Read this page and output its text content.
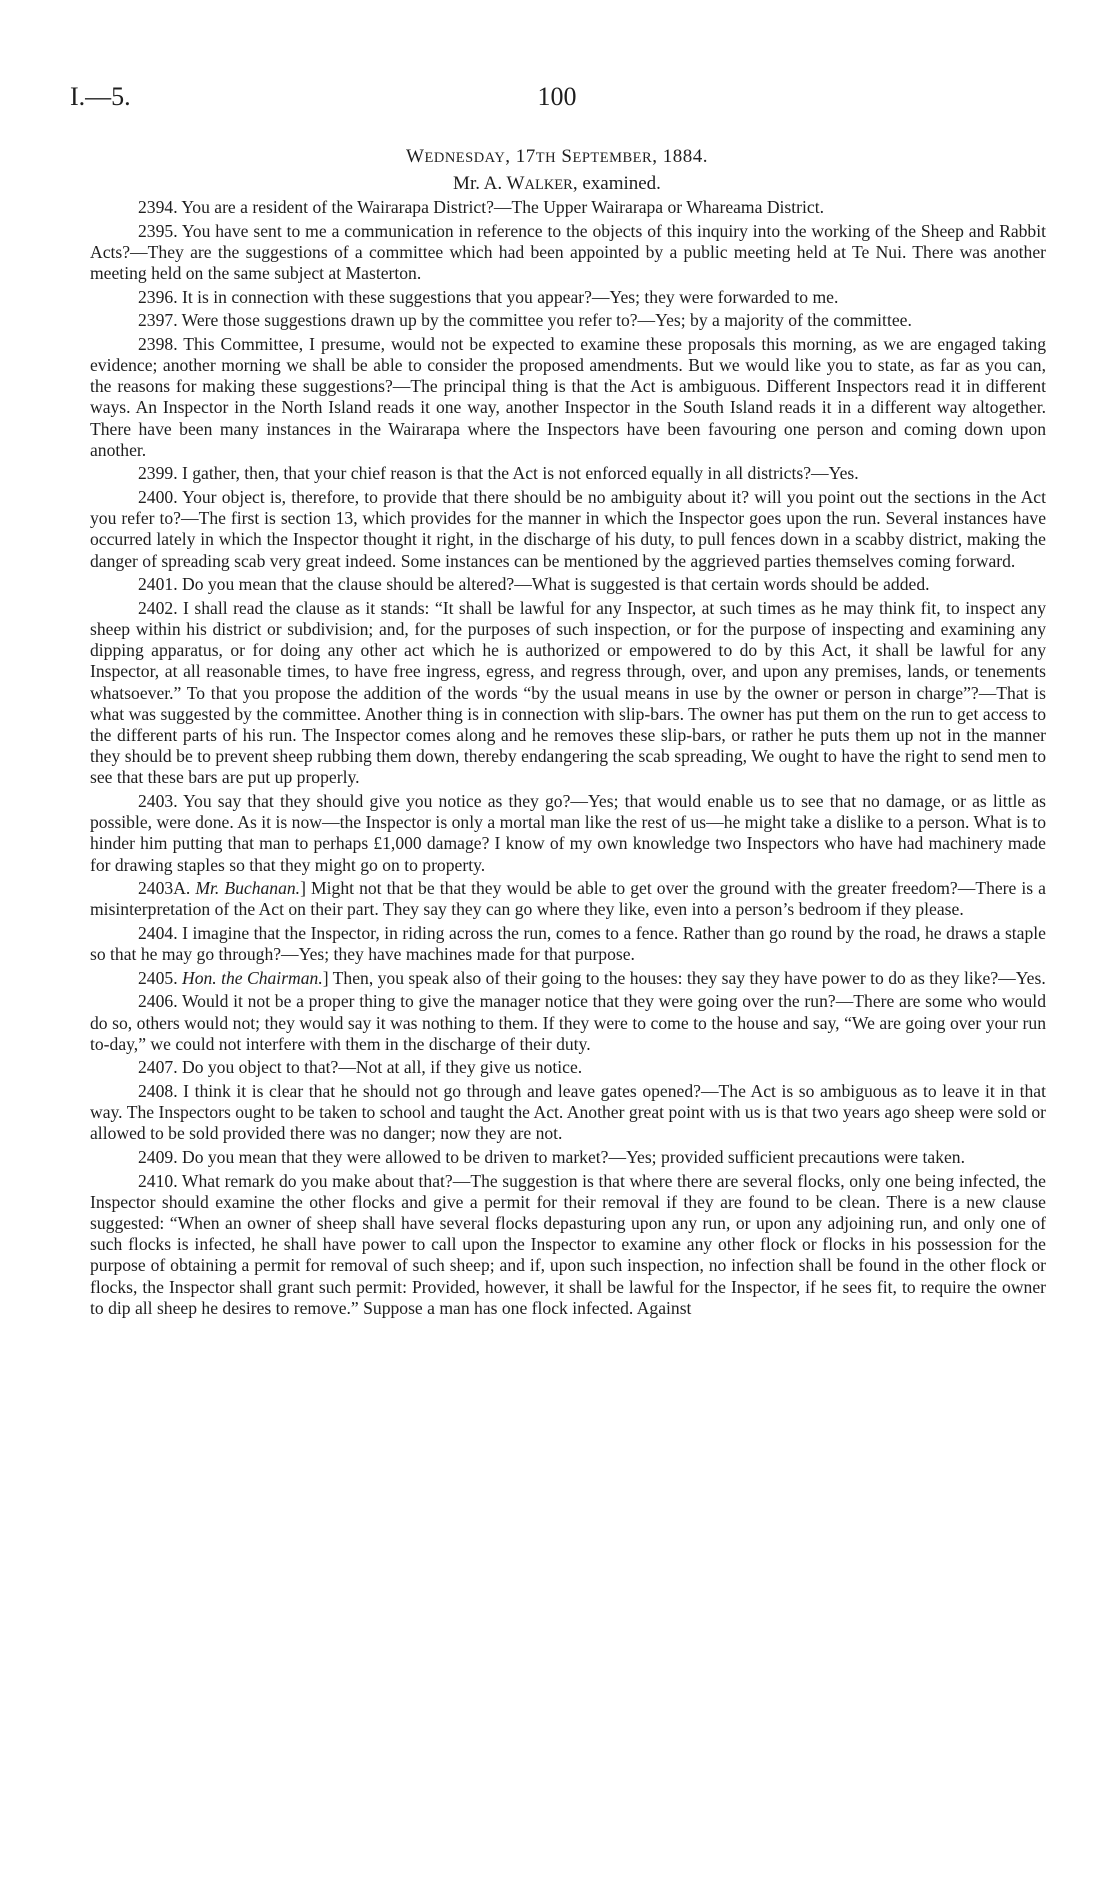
I.—5.	100
WEDNESDAY, 17TH SEPTEMBER, 1884.
Mr. A. WALKER, examined.

2394. You are a resident of the Wairarapa District?—The Upper Wairarapa or Whareama District.

2395. You have sent to me a communication in reference to the objects of this inquiry into the working of the Sheep and Rabbit Acts?—They are the suggestions of a committee which had been appointed by a public meeting held at Te Nui. There was another meeting held on the same subject at Masterton.

2396. It is in connection with these suggestions that you appear?—Yes; they were forwarded to me.

2397. Were those suggestions drawn up by the committee you refer to?—Yes; by a majority of the committee.

2398. This Committee, I presume, would not be expected to examine these proposals this morning, as we are engaged taking evidence; another morning we shall be able to consider the proposed amendments. But we would like you to state, as far as you can, the reasons for making these suggestions?—The principal thing is that the Act is ambiguous. Different Inspectors read it in different ways. An Inspector in the North Island reads it one way, another Inspector in the South Island reads it in a different way altogether. There have been many instances in the Wairarapa where the Inspectors have been favouring one person and coming down upon another.

2399. I gather, then, that your chief reason is that the Act is not enforced equally in all districts?—Yes.

2400. Your object is, therefore, to provide that there should be no ambiguity about it? will you point out the sections in the Act you refer to?—The first is section 13, which provides for the manner in which the Inspector goes upon the run. Several instances have occurred lately in which the Inspector thought it right, in the discharge of his duty, to pull fences down in a scabby district, making the danger of spreading scab very great indeed. Some instances can be mentioned by the aggrieved parties themselves coming forward.

2401. Do you mean that the clause should be altered?—What is suggested is that certain words should be added.

2402. I shall read the clause as it stands: “It shall be lawful for any Inspector, at such times as he may think fit, to inspect any sheep within his district or subdivision; and, for the purposes of such inspection, or for the purpose of inspecting and examining any dipping apparatus, or for doing any other act which he is authorized or empowered to do by this Act, it shall be lawful for any Inspector, at all reasonable times, to have free ingress, egress, and regress through, over, and upon any premises, lands, or tenements whatsoever.” To that you propose the addition of the words “by the usual means in use by the owner or person in charge”?—That is what was suggested by the committee. Another thing is in connection with slip-bars. The owner has put them on the run to get access to the different parts of his run. The Inspector comes along and he removes these slip-bars, or rather he puts them up not in the manner they should be to prevent sheep rubbing them down, thereby endangering the scab spreading, We ought to have the right to send men to see that these bars are put up properly.

2403. You say that they should give you notice as they go?—Yes; that would enable us to see that no damage, or as little as possible, were done. As it is now—the Inspector is only a mortal man like the rest of us—he might take a dislike to a person. What is to hinder him putting that man to perhaps £1,000 damage? I know of my own knowledge two Inspectors who have had machinery made for drawing staples so that they might go on to property.

2403A. Mr. Buchanan.] Might not that be that they would be able to get over the ground with the greater freedom?—There is a misinterpretation of the Act on their part. They say they can go where they like, even into a person’s bedroom if they please.

2404. I imagine that the Inspector, in riding across the run, comes to a fence. Rather than go round by the road, he draws a staple so that he may go through?—Yes; they have machines made for that purpose.

2405. Hon. the Chairman.] Then, you speak also of their going to the houses: they say they have power to do as they like?—Yes.

2406. Would it not be a proper thing to give the manager notice that they were going over the run?—There are some who would do so, others would not; they would say it was nothing to them. If they were to come to the house and say, “We are going over your run to-day,” we could not interfere with them in the discharge of their duty.

2407. Do you object to that?—Not at all, if they give us notice.

2408. I think it is clear that he should not go through and leave gates opened?—The Act is so ambiguous as to leave it in that way. The Inspectors ought to be taken to school and taught the Act. Another great point with us is that two years ago sheep were sold or allowed to be sold provided there was no danger; now they are not.

2409. Do you mean that they were allowed to be driven to market?—Yes; provided sufficient precautions were taken.

2410. What remark do you make about that?—The suggestion is that where there are several flocks, only one being infected, the Inspector should examine the other flocks and give a permit for their removal if they are found to be clean. There is a new clause suggested: “When an owner of sheep shall have several flocks depasturing upon any run, or upon any adjoining run, and only one of such flocks is infected, he shall have power to call upon the Inspector to examine any other flock or flocks in his possession for the purpose of obtaining a permit for removal of such sheep; and if, upon such inspection, no infection shall be found in the other flock or flocks, the Inspector shall grant such permit: Provided, however, it shall be lawful for the Inspector, if he sees fit, to require the owner to dip all sheep he desires to remove.” Suppose a man has one flock infected. Against
